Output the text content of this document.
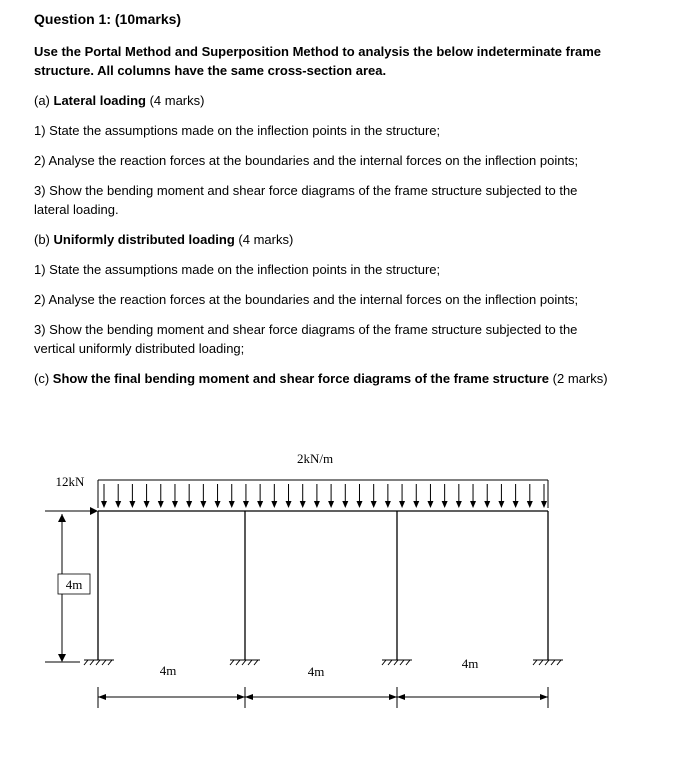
Question 1: (10marks)
Use the Portal Method and Superposition Method to analysis the below indeterminate frame
structure. All columns have the same cross-section area.
(a) Lateral loading (4 marks)
1) State the assumptions made on the inflection points in the structure;
2) Analyse the reaction forces at the boundaries and the internal forces on the inflection points;
3) Show the bending moment and shear force diagrams of the frame structure subjected to the
lateral loading.
(b) Uniformly distributed loading (4 marks)
1) State the assumptions made on the inflection points in the structure;
2) Analyse the reaction forces at the boundaries and the internal forces on the inflection points;
3) Show the bending moment and shear force diagrams of the frame structure subjected to the
vertical uniformly distributed loading;
(c) Show the final bending moment and shear force diagrams of the frame structure (2 marks)
2kN/m
12kN
4m
4m	4m
4m
